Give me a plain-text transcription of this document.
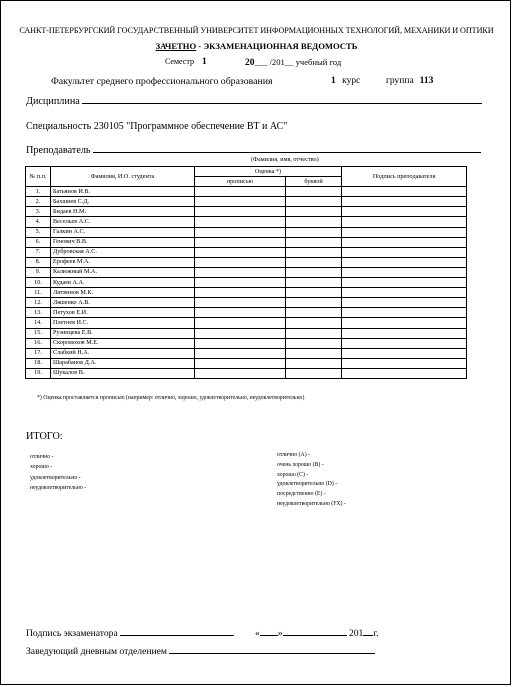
САНКТ-ПЕТЕРБУРГСКИЙ ГОСУДАРСТВЕННЫЙ УНИВЕРСИТЕТ ИНФОРМАЦИОННЫХ ТЕХНОЛОГИЙ, МЕХАНИКИ И ОПТИКИ
ЗАЧЕТНО - ЭКЗАМЕНАЦИОННАЯ ВЕДОМОСТЬ
Семестр 1	20___ /201__ учебный год
Факультет среднего профессионального образования	1 курс	группа 113
Дисциплина
Специальность 230105 "Программное обеспечение ВТ и АС"
Преподаватель
(Фамилия, имя, отчество)
№ п.п.	Фамилия, И.О. студента	Оценка *)		Подпись преподавателя
		прописью	буквой	
1.	Батьянов И.В.			
2.	Бахшиев С.Д.			
3.	Бидаев Н.М.			
4.	Весельев А.С.			
5.	Галкин А.С.			
6.	Генович В.В.			
7.	Дубровская А.С.			
8.	Ерофеев М.А.			
9.	Калюжный М.А.			
10.	Кудаев А.А.			
11.	Литвинов М.К.			
12.	Ляшенко А.В.			
13.	Петухов Е.И.			
14.	Плетнев И.С.			
15.	Рузинцева Е.В.			
16.	Скоромохов М.Е.			
17.	Слабкий Н.А.			
18.	Шарабанов Д.А.			
19.	Шукалов В.			
*) Оценка проставляется прописью (например: отлично, хорошо, удовлетворительно, неудовлетворительно)
ИТОГО:
отлично -
хорошо -
удовлетворительно -
неудовлетворительно -
отлично (А) -
очень хорошо (В) -
хорошо (С) -
удовлетворительно (D) -
посредственно (E) -
неудовлетворительно (FX) -
Подпись экзаменатора	« »	201 г.
Заведующий дневным отделением
